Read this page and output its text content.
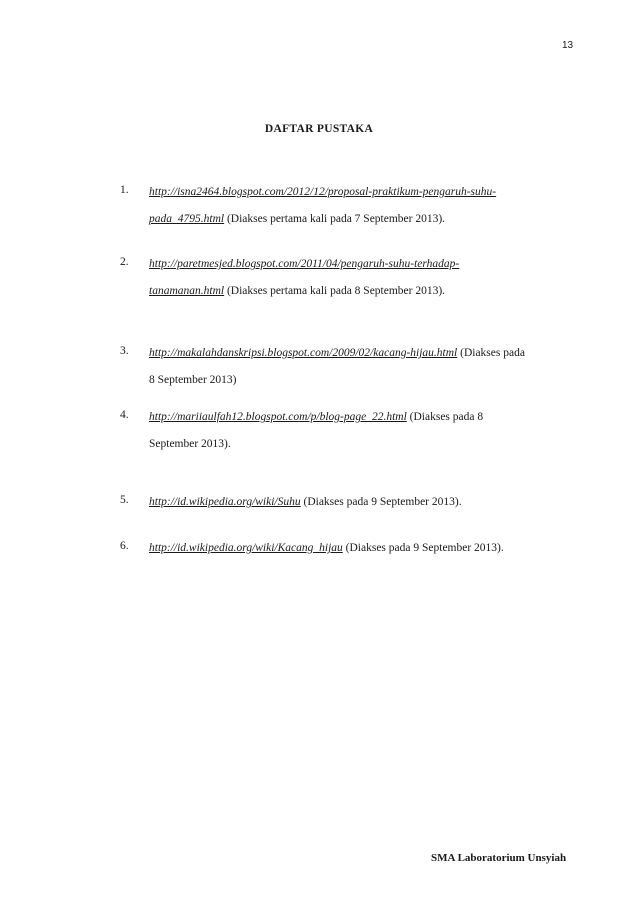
13
DAFTAR PUSTAKA
1. http://isna2464.blogspot.com/2012/12/proposal-praktikum-pengaruh-suhu-
pada_4795.html (Diakses pertama kali pada 7 September 2013).
2. http://paretmesjed.blogspot.com/2011/04/pengaruh-suhu-terhadap-
tanamanan.html (Diakses pertama kali pada 8 September 2013).
3. http://makalahdanskripsi.blogspot.com/2009/02/kacang-hijau.html (Diakses pada
8 September 2013)
4. http://mariiaulfah12.blogspot.com/p/blog-page_22.html (Diakses pada 8
September 2013).
5. http://id.wikipedia.org/wiki/Suhu (Diakses pada 9 September 2013).
6. http://id.wikipedia.org/wiki/Kacang_hijau (Diakses pada 9 September 2013).
SMA Laboratorium Unsyiah
